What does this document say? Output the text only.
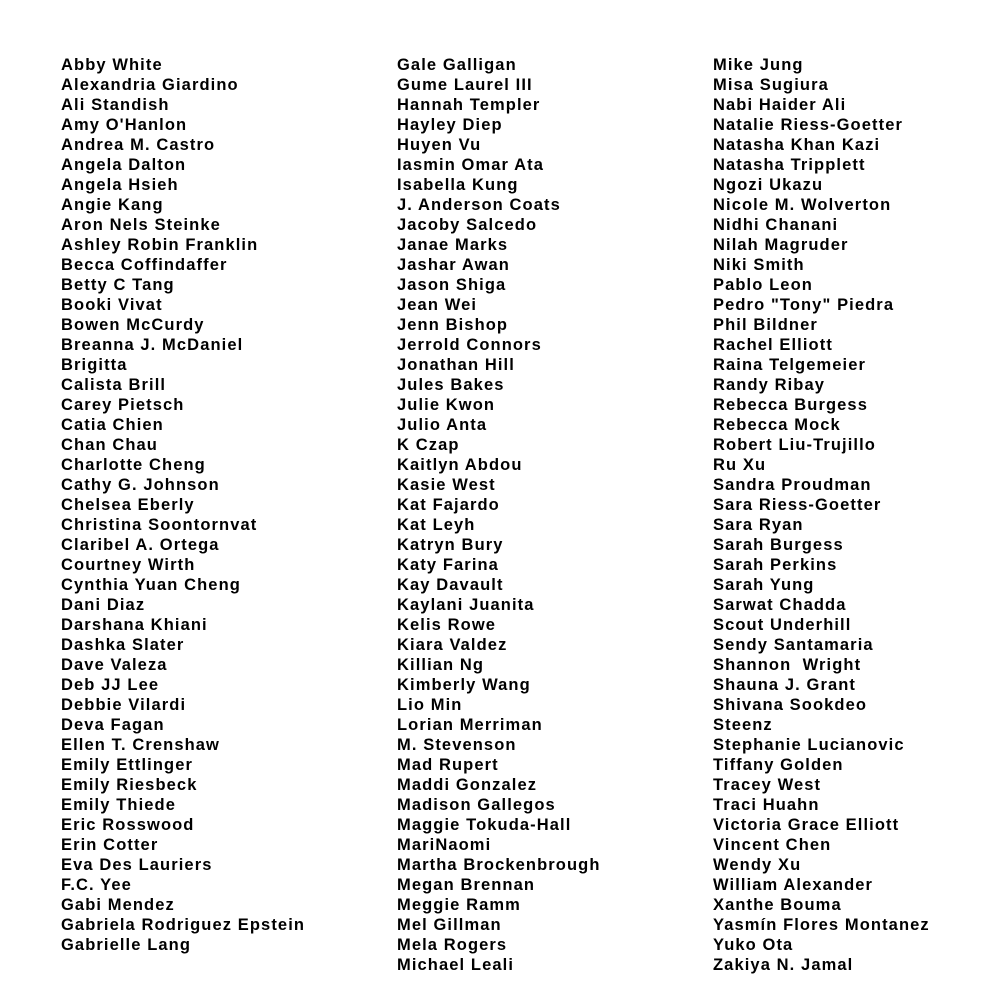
Abby White
Alexandria Giardino
Ali Standish
Amy O'Hanlon
Andrea M. Castro
Angela Dalton
Angela Hsieh
Angie Kang
Aron Nels Steinke
Ashley Robin Franklin
Becca Coffindaffer
Betty C Tang
Booki Vivat
Bowen McCurdy
Breanna J. McDaniel
Brigitta
Calista Brill
Carey Pietsch
Catia Chien
Chan Chau
Charlotte Cheng
Cathy G. Johnson
Chelsea Eberly
Christina Soontornvat
Claribel A. Ortega
Courtney Wirth
Cynthia Yuan Cheng
Dani Diaz
Darshana Khiani
Dashka Slater
Dave Valeza
Deb JJ Lee
Debbie Vilardi
Deva Fagan
Ellen T. Crenshaw
Emily Ettlinger
Emily Riesbeck
Emily Thiede
Eric Rosswood
Erin Cotter
Eva Des Lauriers
F.C. Yee
Gabi Mendez
Gabriela Rodriguez Epstein
Gabrielle Lang
Gale Galligan
Gume Laurel III
Hannah Templer
Hayley Diep
Huyen Vu
Iasmin Omar Ata
Isabella Kung
J. Anderson Coats
Jacoby Salcedo
Janae Marks
Jashar Awan
Jason Shiga
Jean Wei
Jenn Bishop
Jerrold Connors
Jonathan Hill
Jules Bakes
Julie Kwon
Julio Anta
K Czap
Kaitlyn Abdou
Kasie West
Kat Fajardo
Kat Leyh
Katryn Bury
Katy Farina
Kay Davault
Kaylani Juanita
Kelis Rowe
Kiara Valdez
Killian Ng
Kimberly Wang
Lio Min
Lorian Merriman
M. Stevenson
Mad Rupert
Maddi Gonzalez
Madison Gallegos
Maggie Tokuda-Hall
MariNaomi
Martha Brockenbrough
Megan Brennan
Meggie Ramm
Mel Gillman
Mela Rogers
Michael Leali
Mike Jung
Misa Sugiura
Nabi Haider Ali
Natalie Riess-Goetter
Natasha Khan Kazi
Natasha Tripplett
Ngozi Ukazu
Nicole M. Wolverton
Nidhi Chanani
Nilah Magruder
Niki Smith
Pablo Leon
Pedro "Tony" Piedra
Phil Bildner
Rachel Elliott
Raina Telgemeier
Randy Ribay
Rebecca Burgess
Rebecca Mock
Robert Liu-Trujillo
Ru Xu
Sandra Proudman
Sara Riess-Goetter
Sara Ryan
Sarah Burgess
Sarah Perkins
Sarah Yung
Sarwat Chadda
Scout Underhill
Sendy Santamaria
Shannon  Wright
Shauna J. Grant
Shivana Sookdeo
Steenz
Stephanie Lucianovic
Tiffany Golden
Tracey West
Traci Huahn
Victoria Grace Elliott
Vincent Chen
Wendy Xu
William Alexander
Xanthe Bouma
Yasmín Flores Montanez
Yuko Ota
Zakiya N. Jamal
